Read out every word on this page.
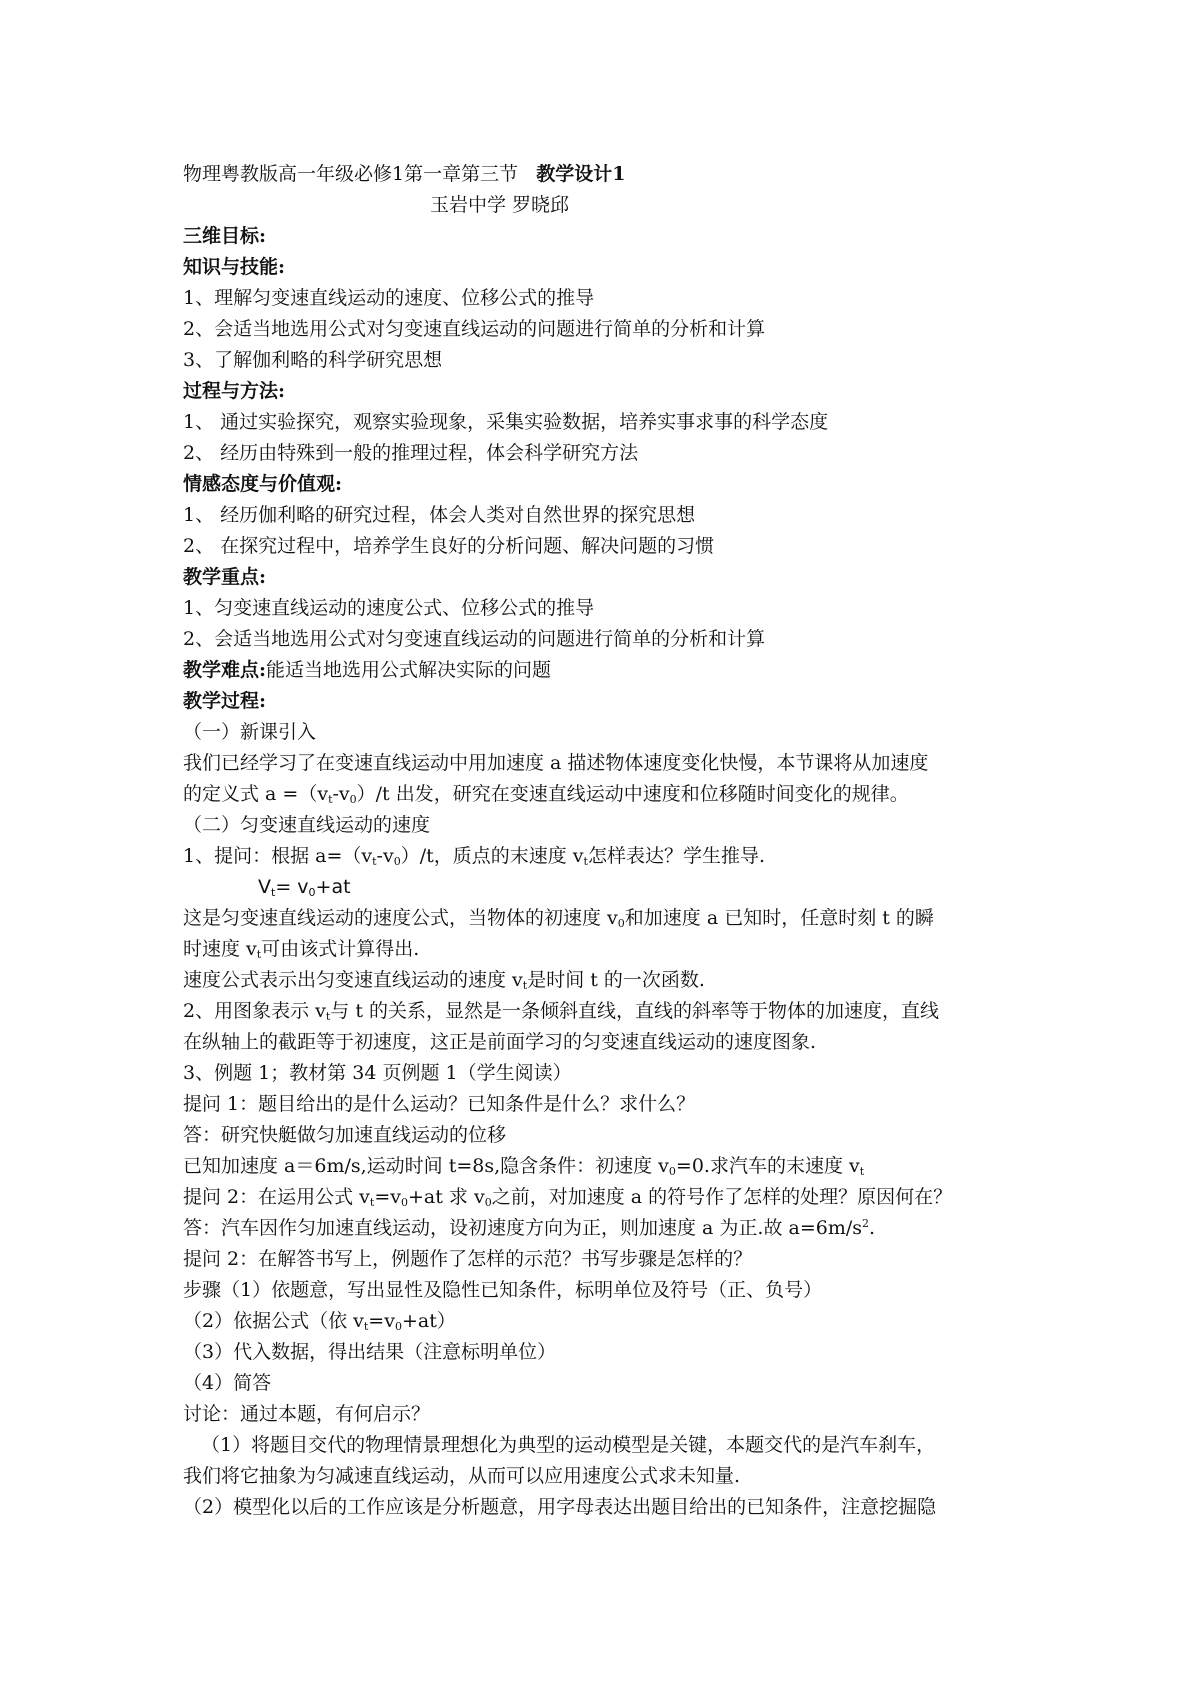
物理粤教版高一年级必修1第一章第三节 教学设计1
玉岩中学 罗晓邱
三维目标:
知识与技能:
1、理解匀变速直线运动的速度、位移公式的推导
2、会适当地选用公式对匀变速直线运动的问题进行简单的分析和计算
3、了解伽利略的科学研究思想
过程与方法:
1、 通过实验探究，观察实验现象，采集实验数据，培养实事求事的科学态度
2、 经历由特殊到一般的推理过程，体会科学研究方法
情感态度与价值观:
1、 经历伽利略的研究过程，体会人类对自然世界的探究思想
2、 在探究过程中，培养学生良好的分析问题、解决问题的习惯
教学重点:
1、匀变速直线运动的速度公式、位移公式的推导
2、会适当地选用公式对匀变速直线运动的问题进行简单的分析和计算
教学难点:能适当地选用公式解决实际的问题
教学过程:
（一）新课引入
我们已经学习了在变速直线运动中用加速度 a 描述物体速度变化快慢，本节课将从加速度
的定义式 $a =(v_t-v_0)/t$ 出发，研究在变速直线运动中速度和位移随时间变化的规律。
（二）匀变速直线运动的速度
1、提问：根据 $a=(v_t-v_0)/t$，质点的末速度 $v_t$怎样表达？学生推导.
$V_t= v_0+at$
这是匀变速直线运动的速度公式，当物体的初速度 $v_0$和加速度 a 已知时，任意时刻 t 的瞬
时速度 $v_t$可由该式计算得出.
速度公式表示出匀变速直线运动的速度 $v_t$是时间 t 的一次函数.
2、用图象表示 $v_t$与 t 的关系，显然是一条倾斜直线，直线的斜率等于物体的加速度，直线
在纵轴上的截距等于初速度，这正是前面学习的匀变速直线运动的速度图象.
3、例题 1；教材第 34 页例题 1（学生阅读）
提问 1：题目给出的是什么运动？已知条件是什么？求什么？
答：研究快艇做匀加速直线运动的位移
已知加速度 a＝6m/s,运动时间 t=8s,隐含条件：初速度 $v_0=0$.求汽车的末速度 $v_t$
提问 2：在运用公式 $v_t=v_0+at$ 求 $v_0$之前，对加速度 a 的符号作了怎样的处理？原因何在？
答：汽车因作匀加速直线运动，设初速度方向为正，则加速度 a 为正.故 $a=6m/s^2$.
提问 2：在解答书写上，例题作了怎样的示范？书写步骤是怎样的？
步骤（1）依题意，写出显性及隐性已知条件，标明单位及符号（正、负号）
（2）依据公式（依 $v_t=v_0+at$）
（3）代入数据，得出结果（注意标明单位）
（4）简答
讨论：通过本题，有何启示？
（1）将题目交代的物理情景理想化为典型的运动模型是关键，本题交代的是汽车刹车，
我们将它抽象为匀减速直线运动，从而可以应用速度公式求未知量.
（2）模型化以后的工作应该是分析题意，用字母表达出题目给出的已知条件，注意挖掘隐
